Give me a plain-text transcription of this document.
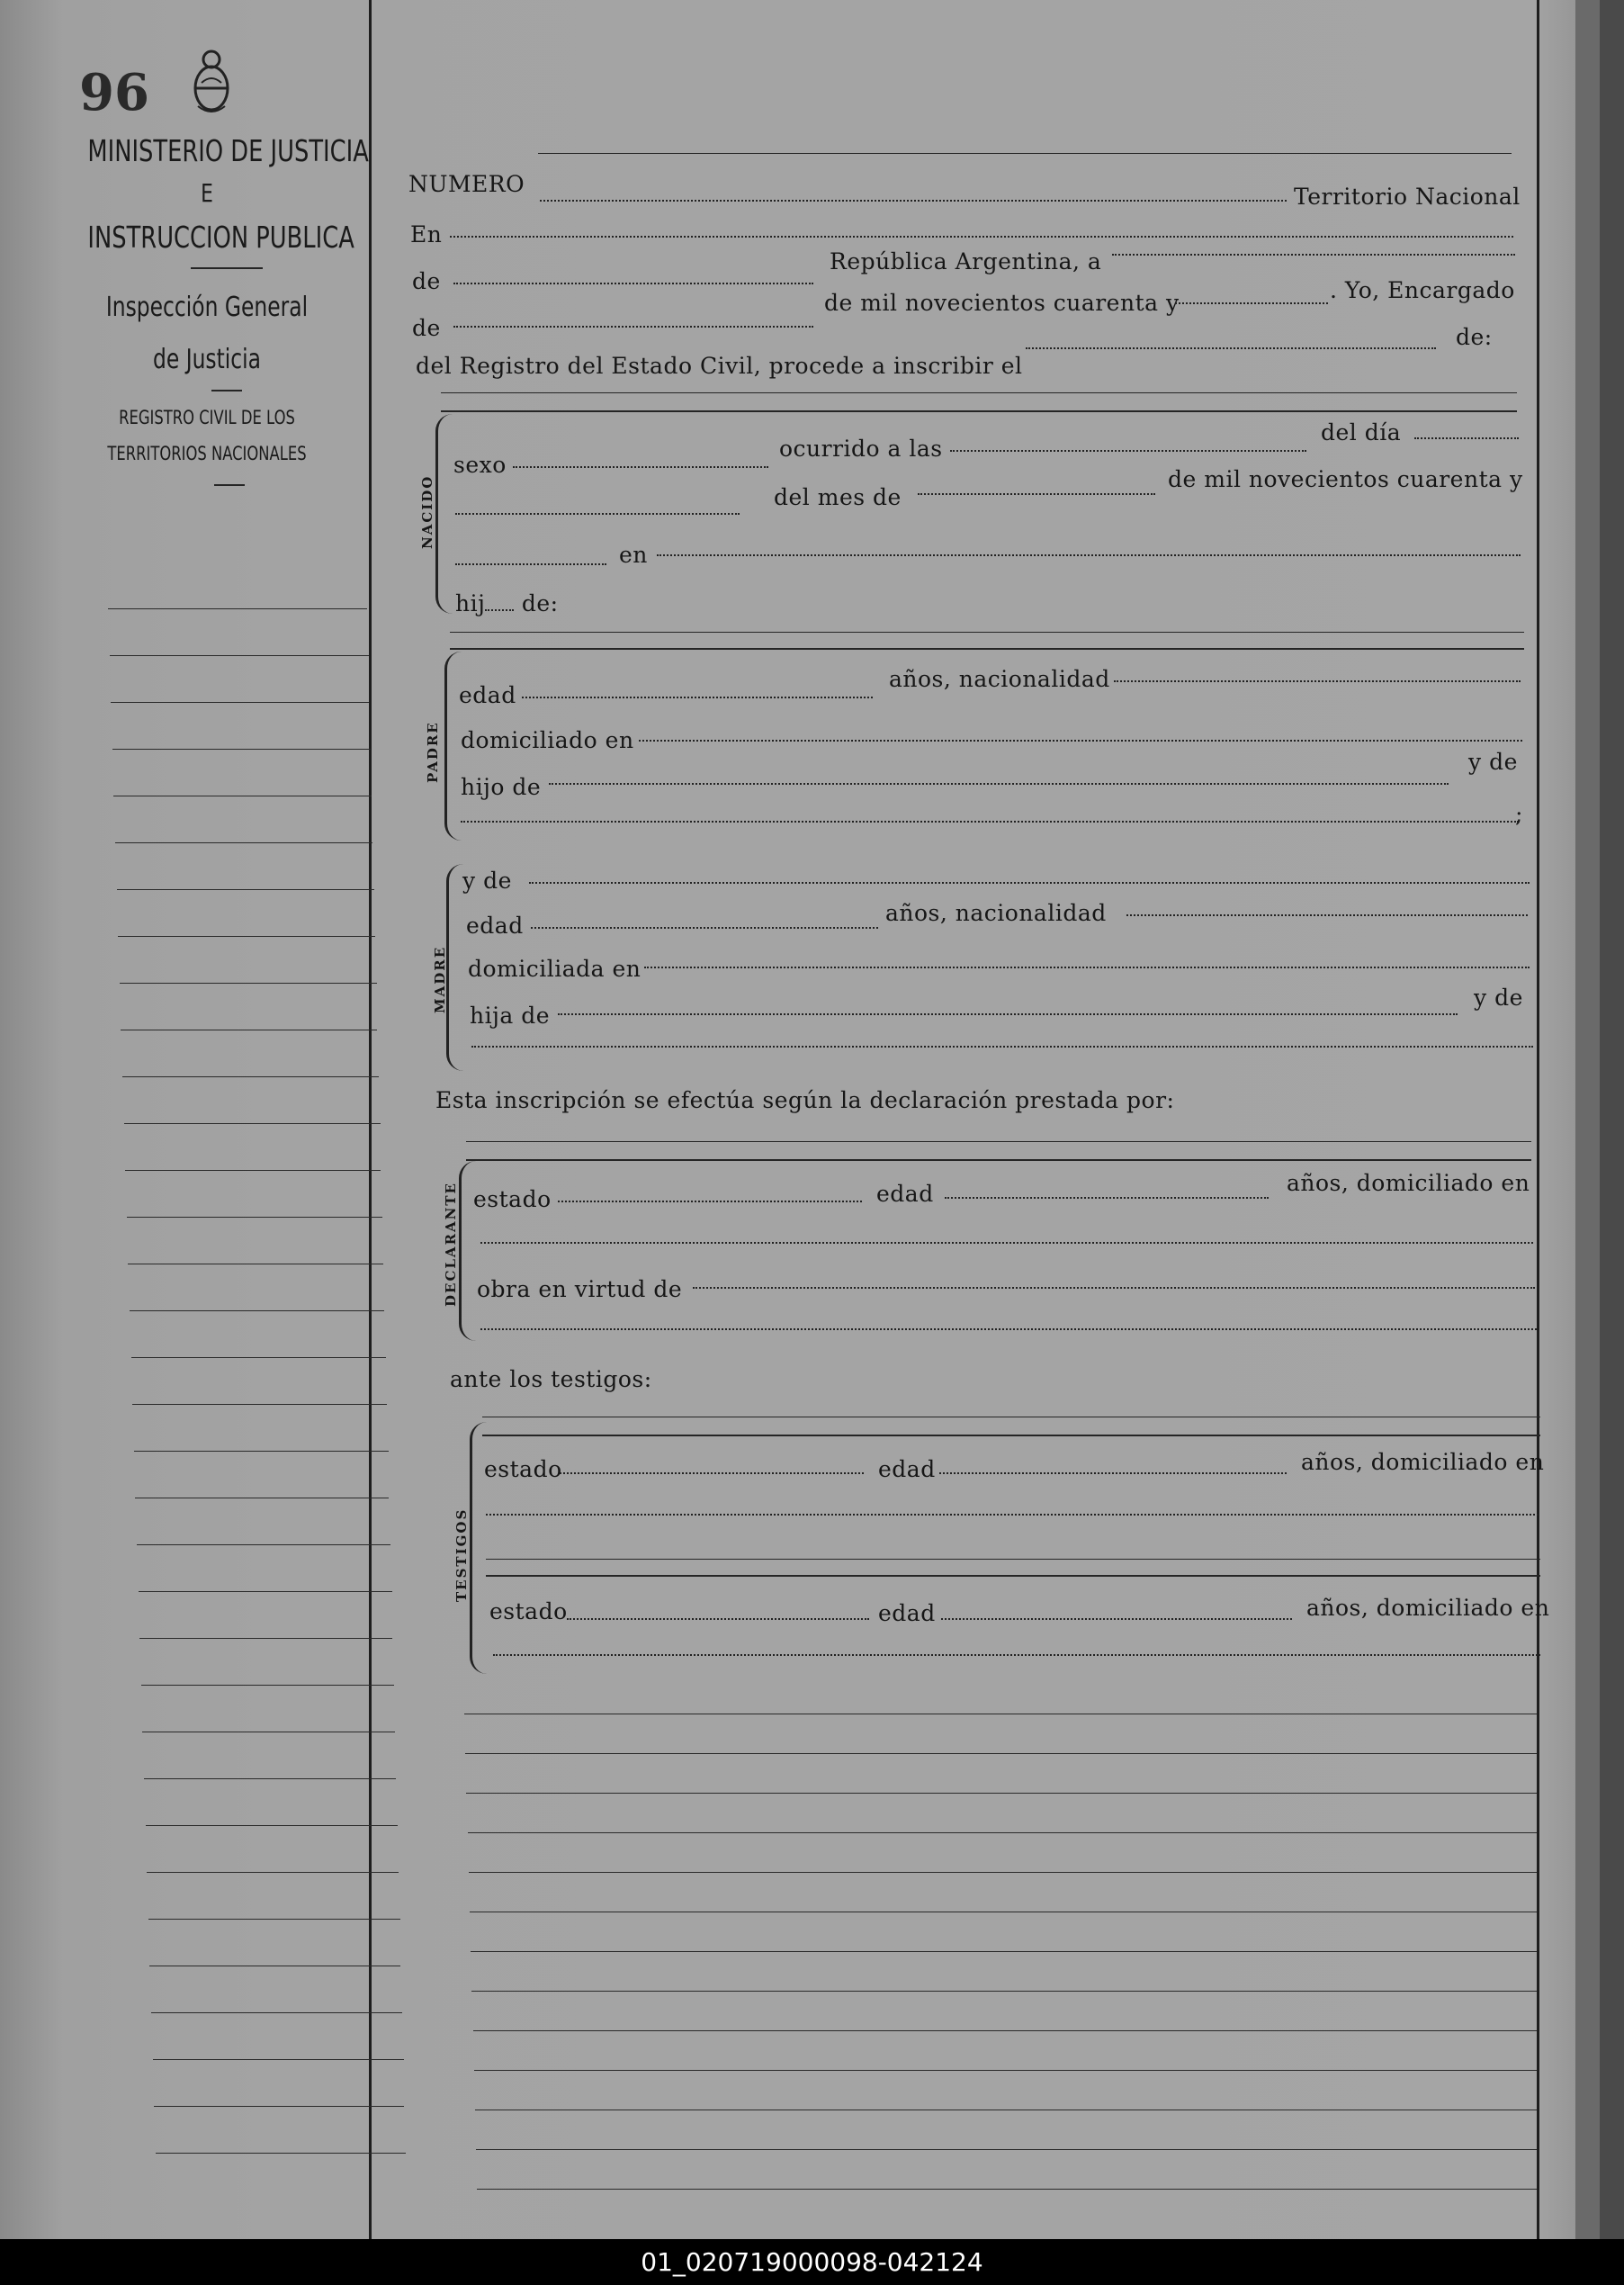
96
MINISTERIO DE JUSTICIA
E
INSTRUCCION PUBLICA
Inspección General
de Justicia
REGISTRO CIVIL DE LOS
TERRITORIOS NACIONALES
NUMERO	Territorio Nacional
En
de
República Argentina, a
de
de mil novecientos cuarenta y	. Yo, Encargado
del Registro del Estado Civil, procede a inscribir el
de:
NACIDO
sexo
ocurrido a las
del día
del mes de
de mil novecientos cuarenta y
en
hij de:
PADRE
edad
años, nacionalidad
domiciliado en
hijo de
y de
;
MADRE
y de
edad	años, nacionalidad
domiciliada en
hija de
y de
Esta inscripción se efectúa según la declaración prestada por:
DECLARANTE estado	edad	años, domiciliado en
obra en virtud de
ante los testigos:
TESTIGOS
estado	edad	años, domiciliado en
estado	edad	años, domiciliado en
01_020719000098-042124
